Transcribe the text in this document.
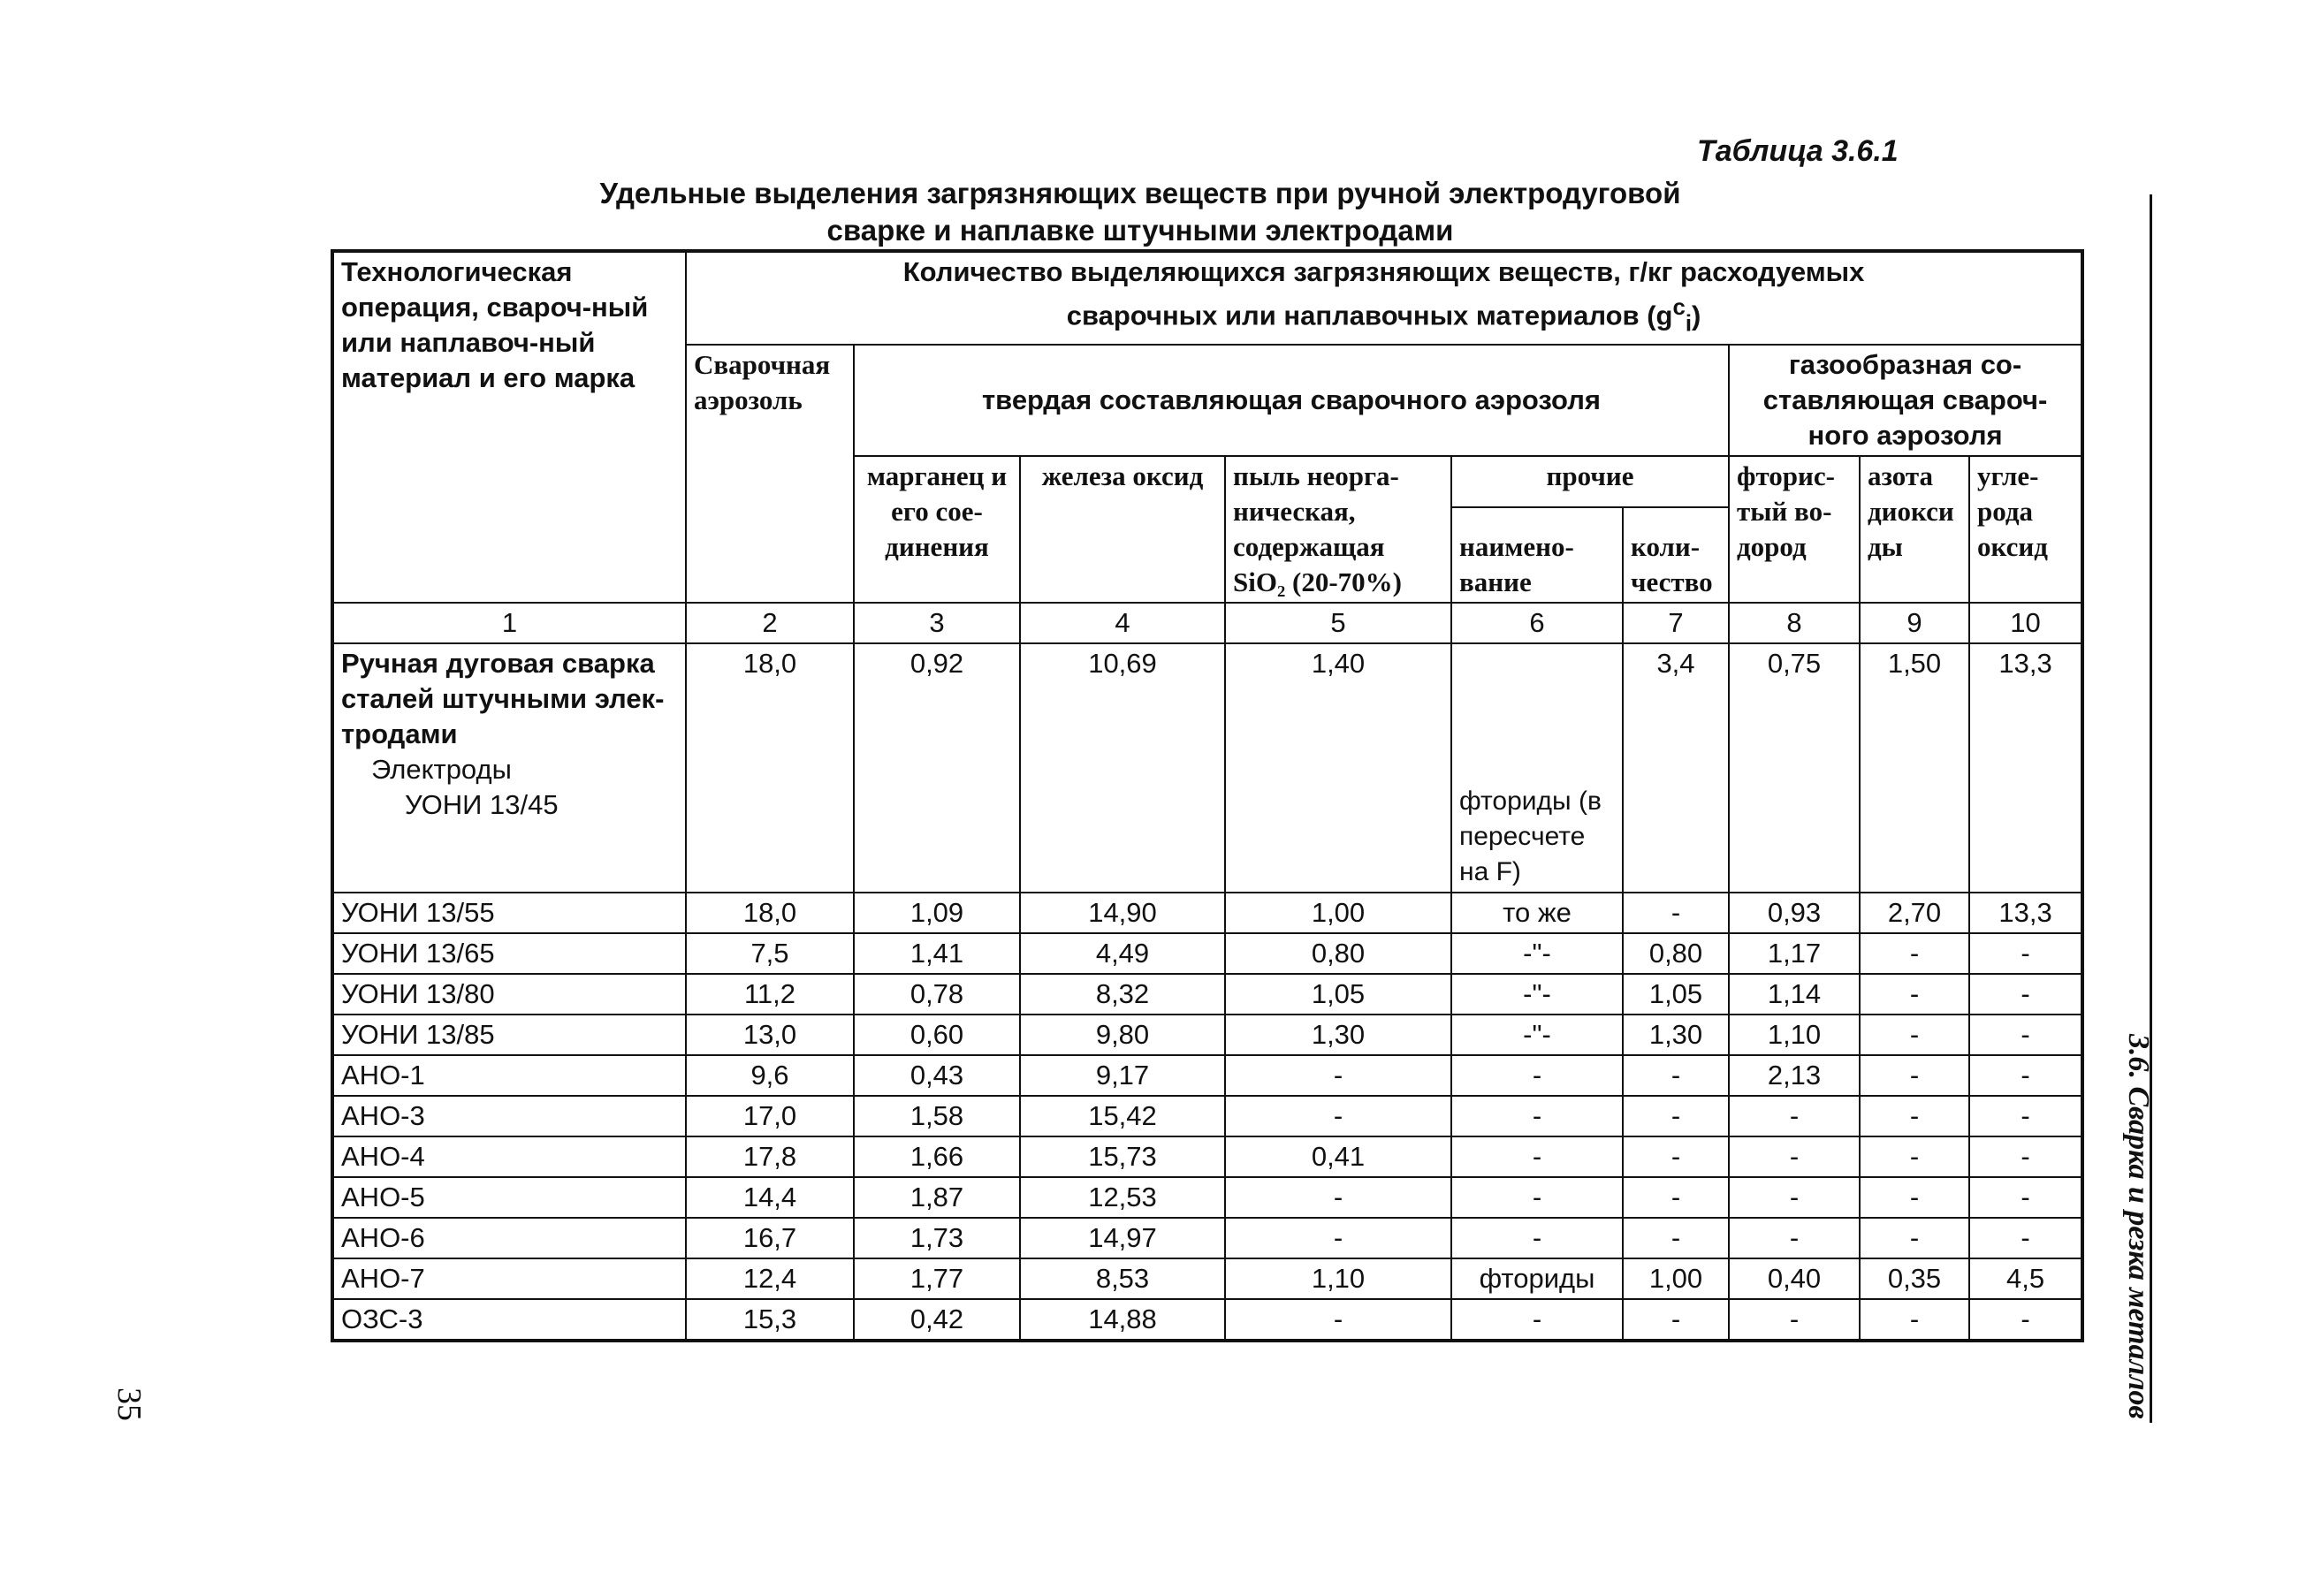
Таблица 3.6.1
Удельные выделения загрязняющих веществ при ручной электродуговой
сварке и наплавке штучными электродами
Технологическая операция, свароч-ный или наплавоч-ный материал и его марка	Количество выделяющихся загрязняющих веществ, г/кг расходуемых
сварочных или наплавочных материалов $(g^c_i)$								
	Сварочная аэрозоль	твердая составляющая сварочного аэрозоля					газообразная со-ставляющая свароч-ного аэрозоля		
		марганец и его сое-динения	железа оксид	пыль неорга-ническая, содержащая SiO₂ (20-70%)	прочие		фторис-тый во-дород	азота диокси ды	угле-рода оксид
					наимено-вание	коли-чество			
1	2	3	4	5	6	7	8	9	10

Ручная дуговая сварка сталей штучными элек-тродами
Электроды
УОНИ 13/45	18,0	0,92	10,69	1,40	фториды (в пересчете на F)	3,4	0,75	1,50	13,3
УОНИ 13/55	18,0	1,09	14,90	1,00	то же	-	0,93	2,70	13,3
УОНИ 13/65	7,5	1,41	4,49	0,80	-"-	0,80	1,17	-	-
УОНИ 13/80	11,2	0,78	8,32	1,05	-"-	1,05	1,14	-	-
УОНИ 13/85	13,0	0,60	9,80	1,30	-"-	1,30	1,10	-	-
АНО-1	9,6	0,43	9,17	-	-	-	2,13	-	-
АНО-3	17,0	1,58	15,42	-	-	-	-	-	-
АНО-4	17,8	1,66	15,73	0,41	-	-	-	-	-
АНО-5	14,4	1,87	12,53	-	-	-	-	-	-
АНО-6	16,7	1,73	14,97	-	-	-	-	-	-
АНО-7	12,4	1,77	8,53	1,10	фториды	1,00	0,40	0,35	4,5
ОЗС-3	15,3	0,42	14,88	-	-	-	-	-	-
35	3.6. Сварка и резка металлов
